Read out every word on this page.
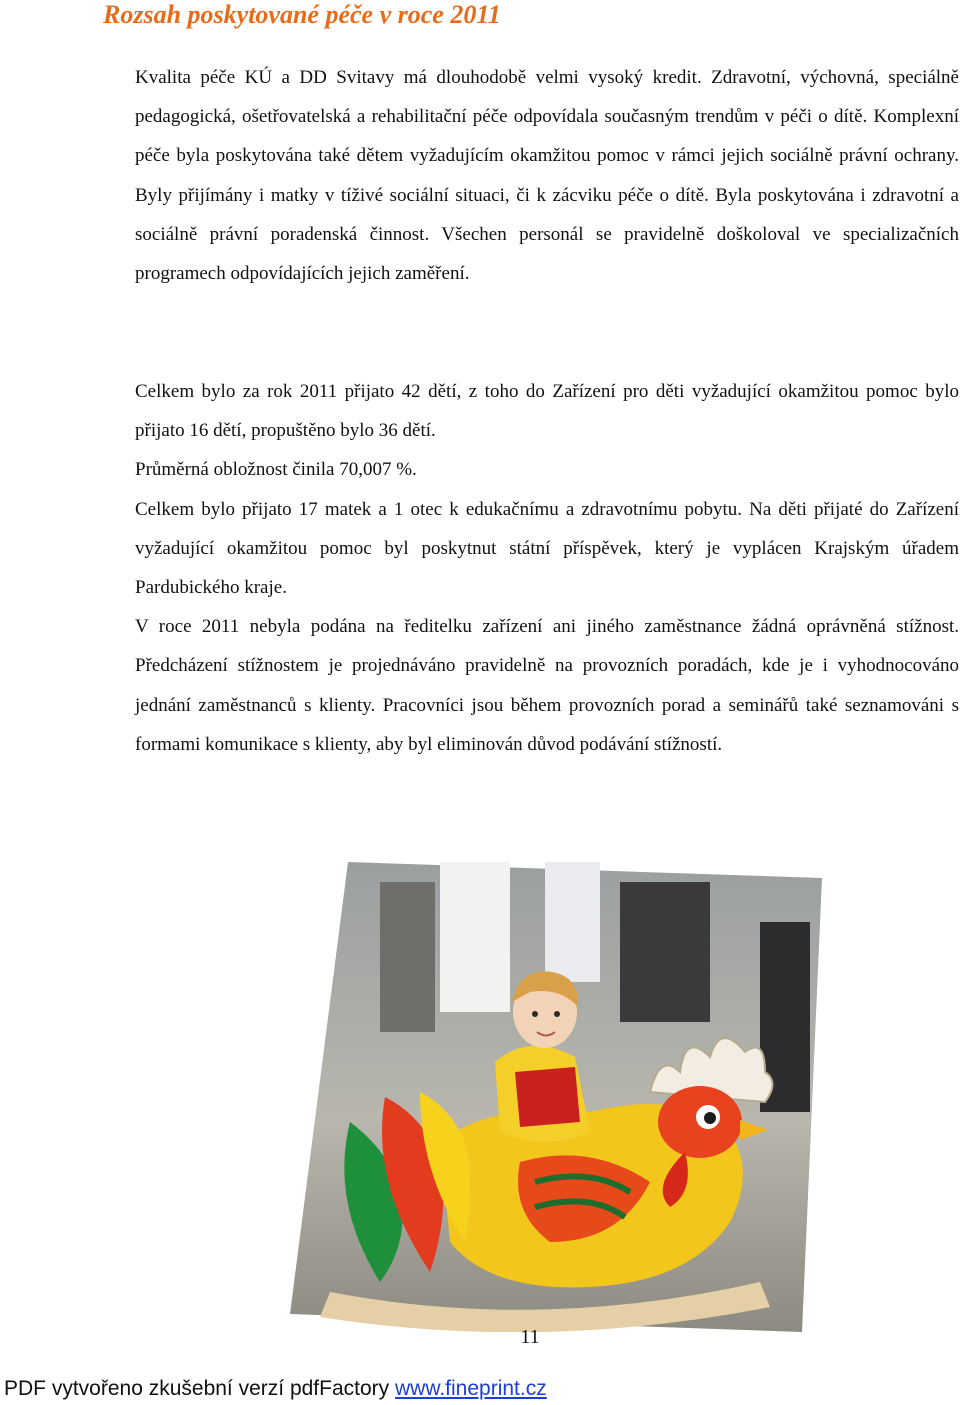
Rozsah poskytované péče v roce 2011
Kvalita péče KÚ a DD Svitavy má dlouhodobě velmi vysoký kredit. Zdravotní, výchovná, speciálně pedagogická, ošetřovatelská a rehabilitační péče odpovídala současným trendům v péči o dítě. Komplexní péče byla poskytována také dětem vyžadujícím okamžitou pomoc v rámci jejich sociálně právní ochrany. Byly přijímány i matky v tíživé sociální situaci, či k zácviku péče o dítě. Byla poskytována i zdravotní a sociálně právní poradenská činnost. Všechen personál se pravidelně doškoloval ve specializačních programech odpovídajících jejich zaměření.
Celkem bylo za rok 2011 přijato 42 dětí, z toho do Zařízení pro děti vyžadující okamžitou pomoc bylo přijato 16 dětí, propuštěno bylo 36 dětí.
Průměrná obložnost činila 70,007 %.
Celkem bylo přijato 17 matek a 1 otec k edukačnímu a zdravotnímu pobytu. Na děti přijaté do Zařízení vyžadující okamžitou pomoc byl poskytnut státní příspěvek, který je vyplácen Krajským úřadem Pardubického kraje.
V roce 2011 nebyla podána na ředitelku zařízení ani jiného zaměstnance žádná oprávněná stížnost. Předcházení stížnostem je projednáváno pravidelně na provozních poradách, kde je i vyhodnocováno jednání zaměstnanců s klienty. Pracovníci jsou během provozních porad a seminářů také seznamováni s formami komunikace s klienty, aby byl eliminován důvod podávání stížností.
11
PDF vytvořeno zkušební verzí pdfFactory www.fineprint.cz
